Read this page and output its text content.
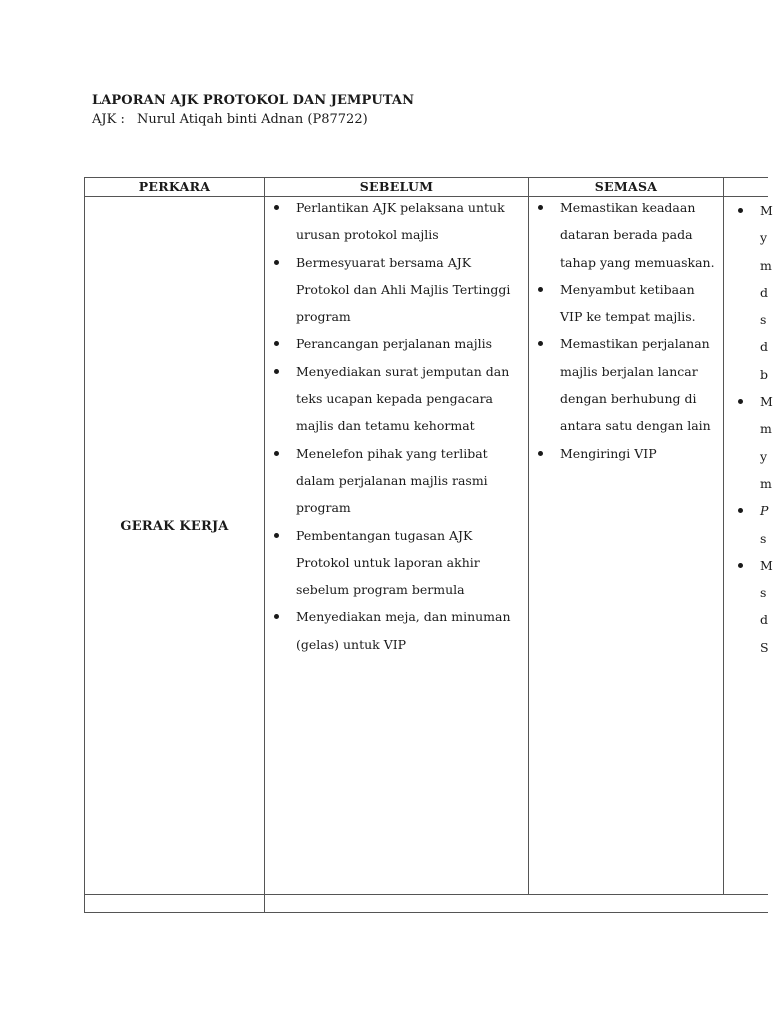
LAPORAN AJK PROTOKOL DAN JEMPUTAN
AJK : Nurul Atiqah binti Adnan (P87722)
PERKARA	SEBELUM	SEMASA
GERAK KERJA
Perlantikan AJK pelaksana untuk urusan protokol majlis
Bermesyuarat bersama AJK Protokol dan Ahli Majlis Tertinggi program
Perancangan perjalanan majlis
Menyediakan surat jemputan dan teks ucapan kepada pengacara majlis dan tetamu kehormat
Menelefon pihak yang terlibat dalam perjalanan majlis rasmi program
Pembentangan tugasan AJK Protokol untuk laporan akhir sebelum program bermula
Menyediakan meja, dan minuman (gelas) untuk VIP
Memastikan keadaan dataran berada pada tahap yang memuaskan.
Menyambut ketibaan VIP ke tempat majlis.
Memastikan perjalanan majlis berjalan lancar dengan berhubung di antara satu dengan lain
Mengiringi VIP
M
y
m
d
s
d
b
M
m
y
m
P
s
M
s
d
S
